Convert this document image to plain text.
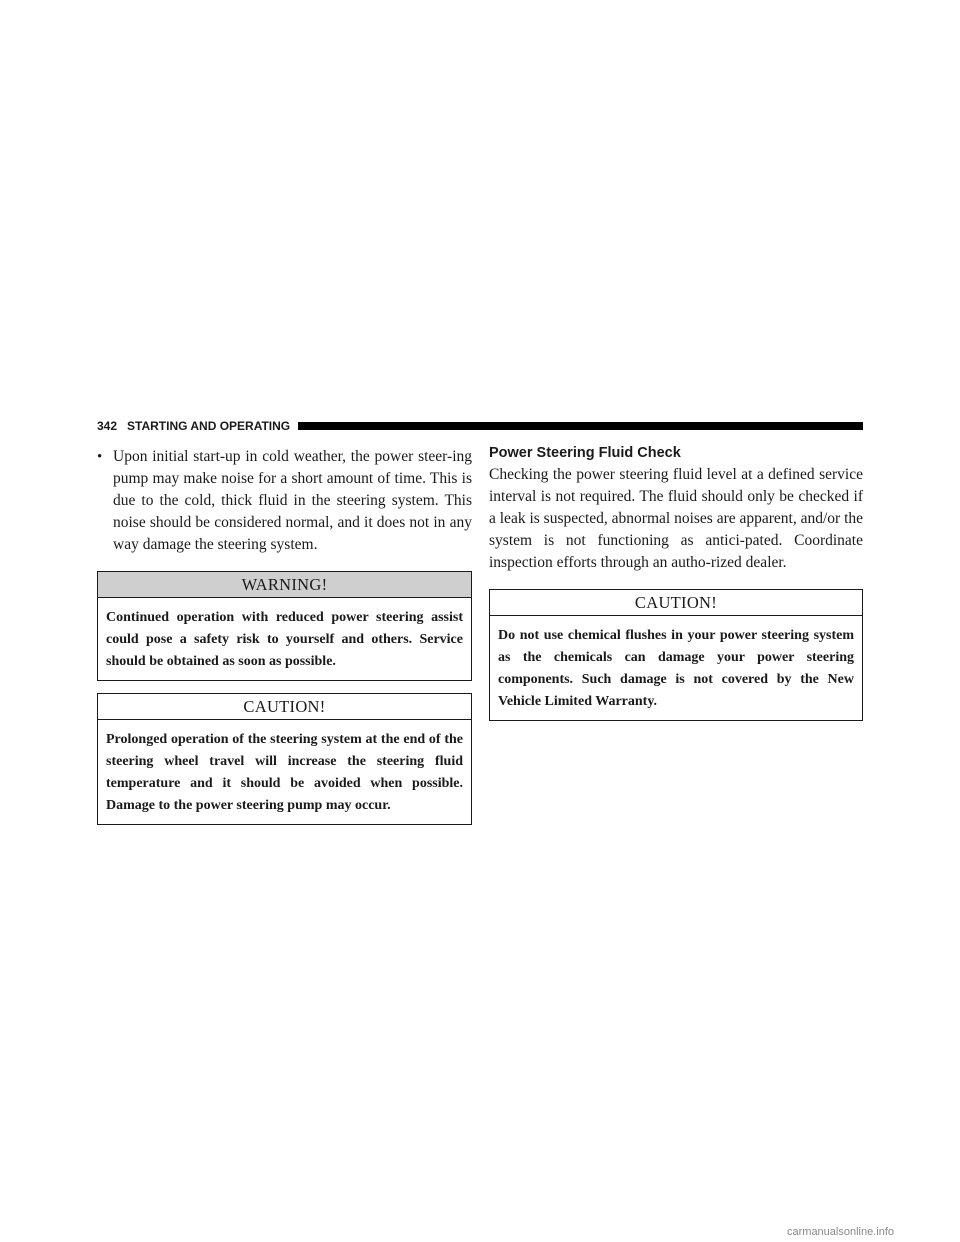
342 STARTING AND OPERATING
• Upon initial start-up in cold weather, the power steer-ing pump may make noise for a short amount of time. This is due to the cold, thick fluid in the steering system. This noise should be considered normal, and it does not in any way damage the steering system.
WARNING!
Continued operation with reduced power steering assist could pose a safety risk to yourself and others. Service should be obtained as soon as possible.
CAUTION!
Prolonged operation of the steering system at the end of the steering wheel travel will increase the steering fluid temperature and it should be avoided when possible. Damage to the power steering pump may occur.
Power Steering Fluid Check
Checking the power steering fluid level at a defined service interval is not required. The fluid should only be checked if a leak is suspected, abnormal noises are apparent, and/or the system is not functioning as antici-pated. Coordinate inspection efforts through an autho-rized dealer.
CAUTION!
Do not use chemical flushes in your power steering system as the chemicals can damage your power steering components. Such damage is not covered by the New Vehicle Limited Warranty.
carmanualsonline.info
